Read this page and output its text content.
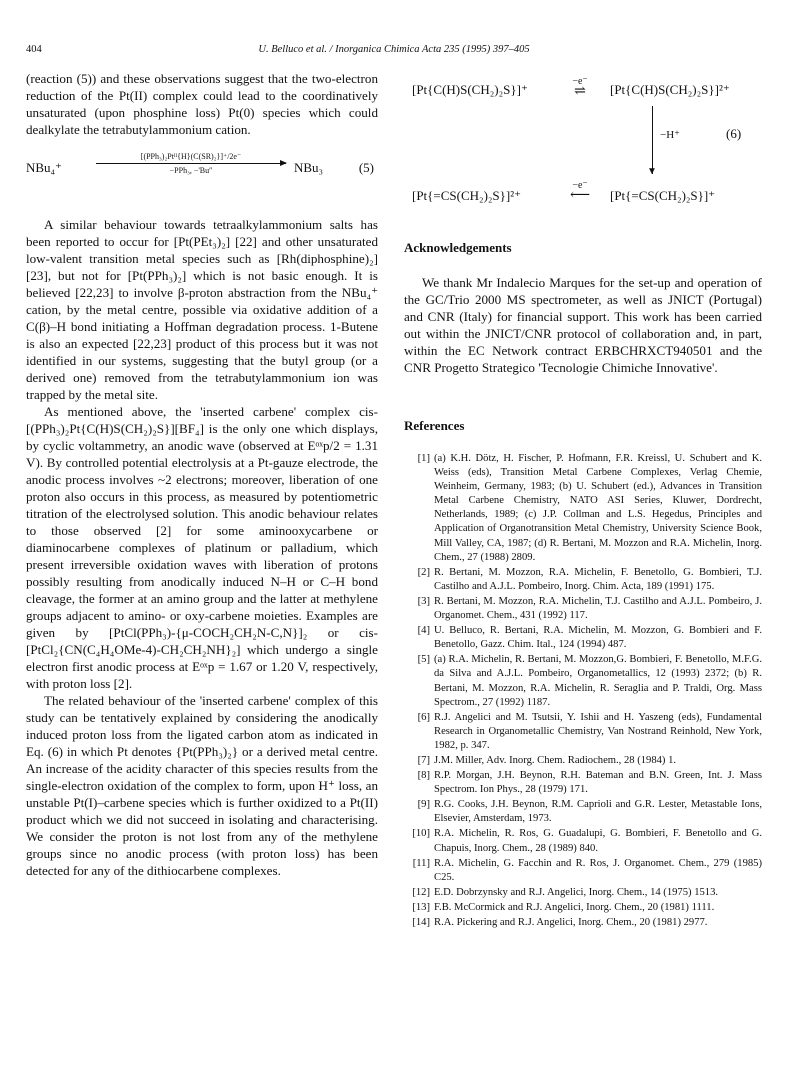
404	U. Belluco et al. / Inorganica Chimica Acta 235 (1995) 397–405

(reaction (5)) and these observations suggest that the two-electron reduction of the Pt(II) complex could lead to the coordinatively unsaturated (upon phosphine loss) Pt(0) species which could dealkylate the tetrabutylammonium cation.

NBu₄⁺
[(PPh₃)₂Ptᴵᴵ{H}(C(SR)₂}]⁺/2e⁻
−PPh₃, −'Buʹ'	NBu₃	(5)

A similar behaviour towards tetraalkylammonium salts has been reported to occur for [Pt(PEt₃)₂] [22] and other unsaturated low-valent transition metal species such as [Rh(diphosphine)₂] [23], but not for [Pt(PPh₃)₂] which is not basic enough. It is believed [22,23] to involve β-proton abstraction from the NBu₄⁺ cation, by the metal centre, possible via oxidative addition of a C(β)–H bond initiating a Hoffman degradation process. 1-Butene is also an expected [22,23] product of this process but it was not identified in our systems, suggesting that the butyl group (or a derived one) removed from the tetrabutylammonium ion was trapped by the metal site.

As mentioned above, the 'inserted carbene' complex cis-[(PPh₃)₂Pt{C(H)S(CH₂)₂S}][BF₄] is the only one which displays, by cyclic voltammetry, an anodic wave (observed at Eᵒˣp/2 = 1.31 V). By controlled potential electrolysis at a Pt-gauze electrode, the anodic process involves ~2 electrons; moreover, liberation of one proton also occurs in this process, as measured by potentiometric titration of the electrolysed solution. This anodic behaviour relates to those observed [2] for some aminooxycarbene or diaminocarbene complexes of platinum or palladium, which present irreversible oxidation waves with liberation of protons possibly resulting from anodically induced N–H or C–H bond cleavage, the former at an amino group and the latter at methylene groups adjacent to amino- or oxy-carbene moieties. Examples are given by [PtCl(PPh₃)-{μ-COCH₂CH₂N-C,N}]₂ or cis-[PtCl₂{CN(C₄H₄OMe-4)-CH₂CH₂NH}₂] which undergo a single electron first anodic process at Eᵒˣp = 1.67 or 1.20 V, respectively, with proton loss [2].

The related behaviour of the 'inserted carbene' complex of this study can be tentatively explained by considering the anodically induced proton loss from the ligated carbon atom as indicated in Eq. (6) in which Pt denotes {Pt(PPh₃)₂} or a derived metal centre. An increase of the acidity character of this species results from the single-electron oxidation of the complex to form, upon H⁺ loss, an unstable Pt(I)–carbene species which is further oxidized to a Pt(II) product which we did not succeed in isolating and characterising. We consider the proton is not lost from any of the methylene groups since no anodic process (with proton loss) has been detected for any of the dithiocarbene complexes.

[Pt{C(H)S(CH₂)₂S}]⁺
−e⁻
⇌	[Pt{C(H)S(CH₂)₂S}]²⁺
▼
−H⁺	(6)
[Pt{=CS(CH₂)₂S}]²⁺
−e⁻
⟵	[Pt{=CS(CH₂)₂S}]⁺
Acknowledgements

We thank Mr Indalecio Marques for the set-up and operation of the GC/Trio 2000 MS spectrometer, as well as JNICT (Portugal) and CNR (Italy) for financial support. This work has been carried out within the JNICT/CNR protocol of collaboration and, in part, within the EC Network contract ERBCHRXCT940501 and the CNR Progetto Strategico 'Tecnologie Chimiche Innovative'.

References
[1] (a) K.H. Dötz, H. Fischer, P. Hofmann, F.R. Kreissl, U. Schubert and K. Weiss (eds), Transition Metal Carbene Complexes, Verlag Chemie, Weinheim, Germany, 1983; (b) U. Schubert (ed.), Advances in Transition Metal Carbene Chemistry, NATO ASI Series, Kluwer, Dordrecht, Netherlands, 1989; (c) J.P. Collman and L.S. Hegedus, Principles and Application of Organotransition Metal Chemistry, University Science Book, Mill Valley, CA, 1987; (d) R. Bertani, M. Mozzon and R.A. Michelin, Inorg. Chem., 27 (1988) 2809.
[2] R. Bertani, M. Mozzon, R.A. Michelin, F. Benetollo, G. Bombieri, T.J. Castilho and A.J.L. Pombeiro, Inorg. Chim. Acta, 189 (1991) 175.
[3] R. Bertani, M. Mozzon, R.A. Michelin, T.J. Castilho and A.J.L. Pombeiro, J. Organomet. Chem., 431 (1992) 117.
[4] U. Belluco, R. Bertani, R.A. Michelin, M. Mozzon, G. Bombieri and F. Benetollo, Gazz. Chim. Ital., 124 (1994) 487.
[5] (a) R.A. Michelin, R. Bertani, M. Mozzon,G. Bombieri, F. Benetollo, M.F.G. da Silva and A.J.L. Pombeiro, Organometallics, 12 (1993) 2372; (b) R. Bertani, M. Mozzon, R.A. Michelin, R. Seraglia and P. Traldi, Org. Mass Spectrom., 27 (1992) 1187.
[6] R.J. Angelici and M. Tsutsii, Y. Ishii and H. Yaszeng (eds), Fundamental Research in Organometallic Chemistry, Van Nostrand Reinhold, New York, 1982, p. 347.
[7] J.M. Miller, Adv. Inorg. Chem. Radiochem., 28 (1984) 1.
[8] R.P. Morgan, J.H. Beynon, R.H. Bateman and B.N. Green, Int. J. Mass Spectrom. Ion Phys., 28 (1979) 171.
[9] R.G. Cooks, J.H. Beynon, R.M. Caprioli and G.R. Lester, Metastable Ions, Elsevier, Amsterdam, 1973.
[10] R.A. Michelin, R. Ros, G. Guadalupi, G. Bombieri, F. Benetollo and G. Chapuis, Inorg. Chem., 28 (1989) 840.
[11] R.A. Michelin, G. Facchin and R. Ros, J. Organomet. Chem., 279 (1985) C25.
[12] E.D. Dobrzynsky and R.J. Angelici, Inorg. Chem., 14 (1975) 1513.
[13] F.B. McCormick and R.J. Angelici, Inorg. Chem., 20 (1981) 1111.
[14] R.A. Pickering and R.J. Angelici, Inorg. Chem., 20 (1981) 2977.
